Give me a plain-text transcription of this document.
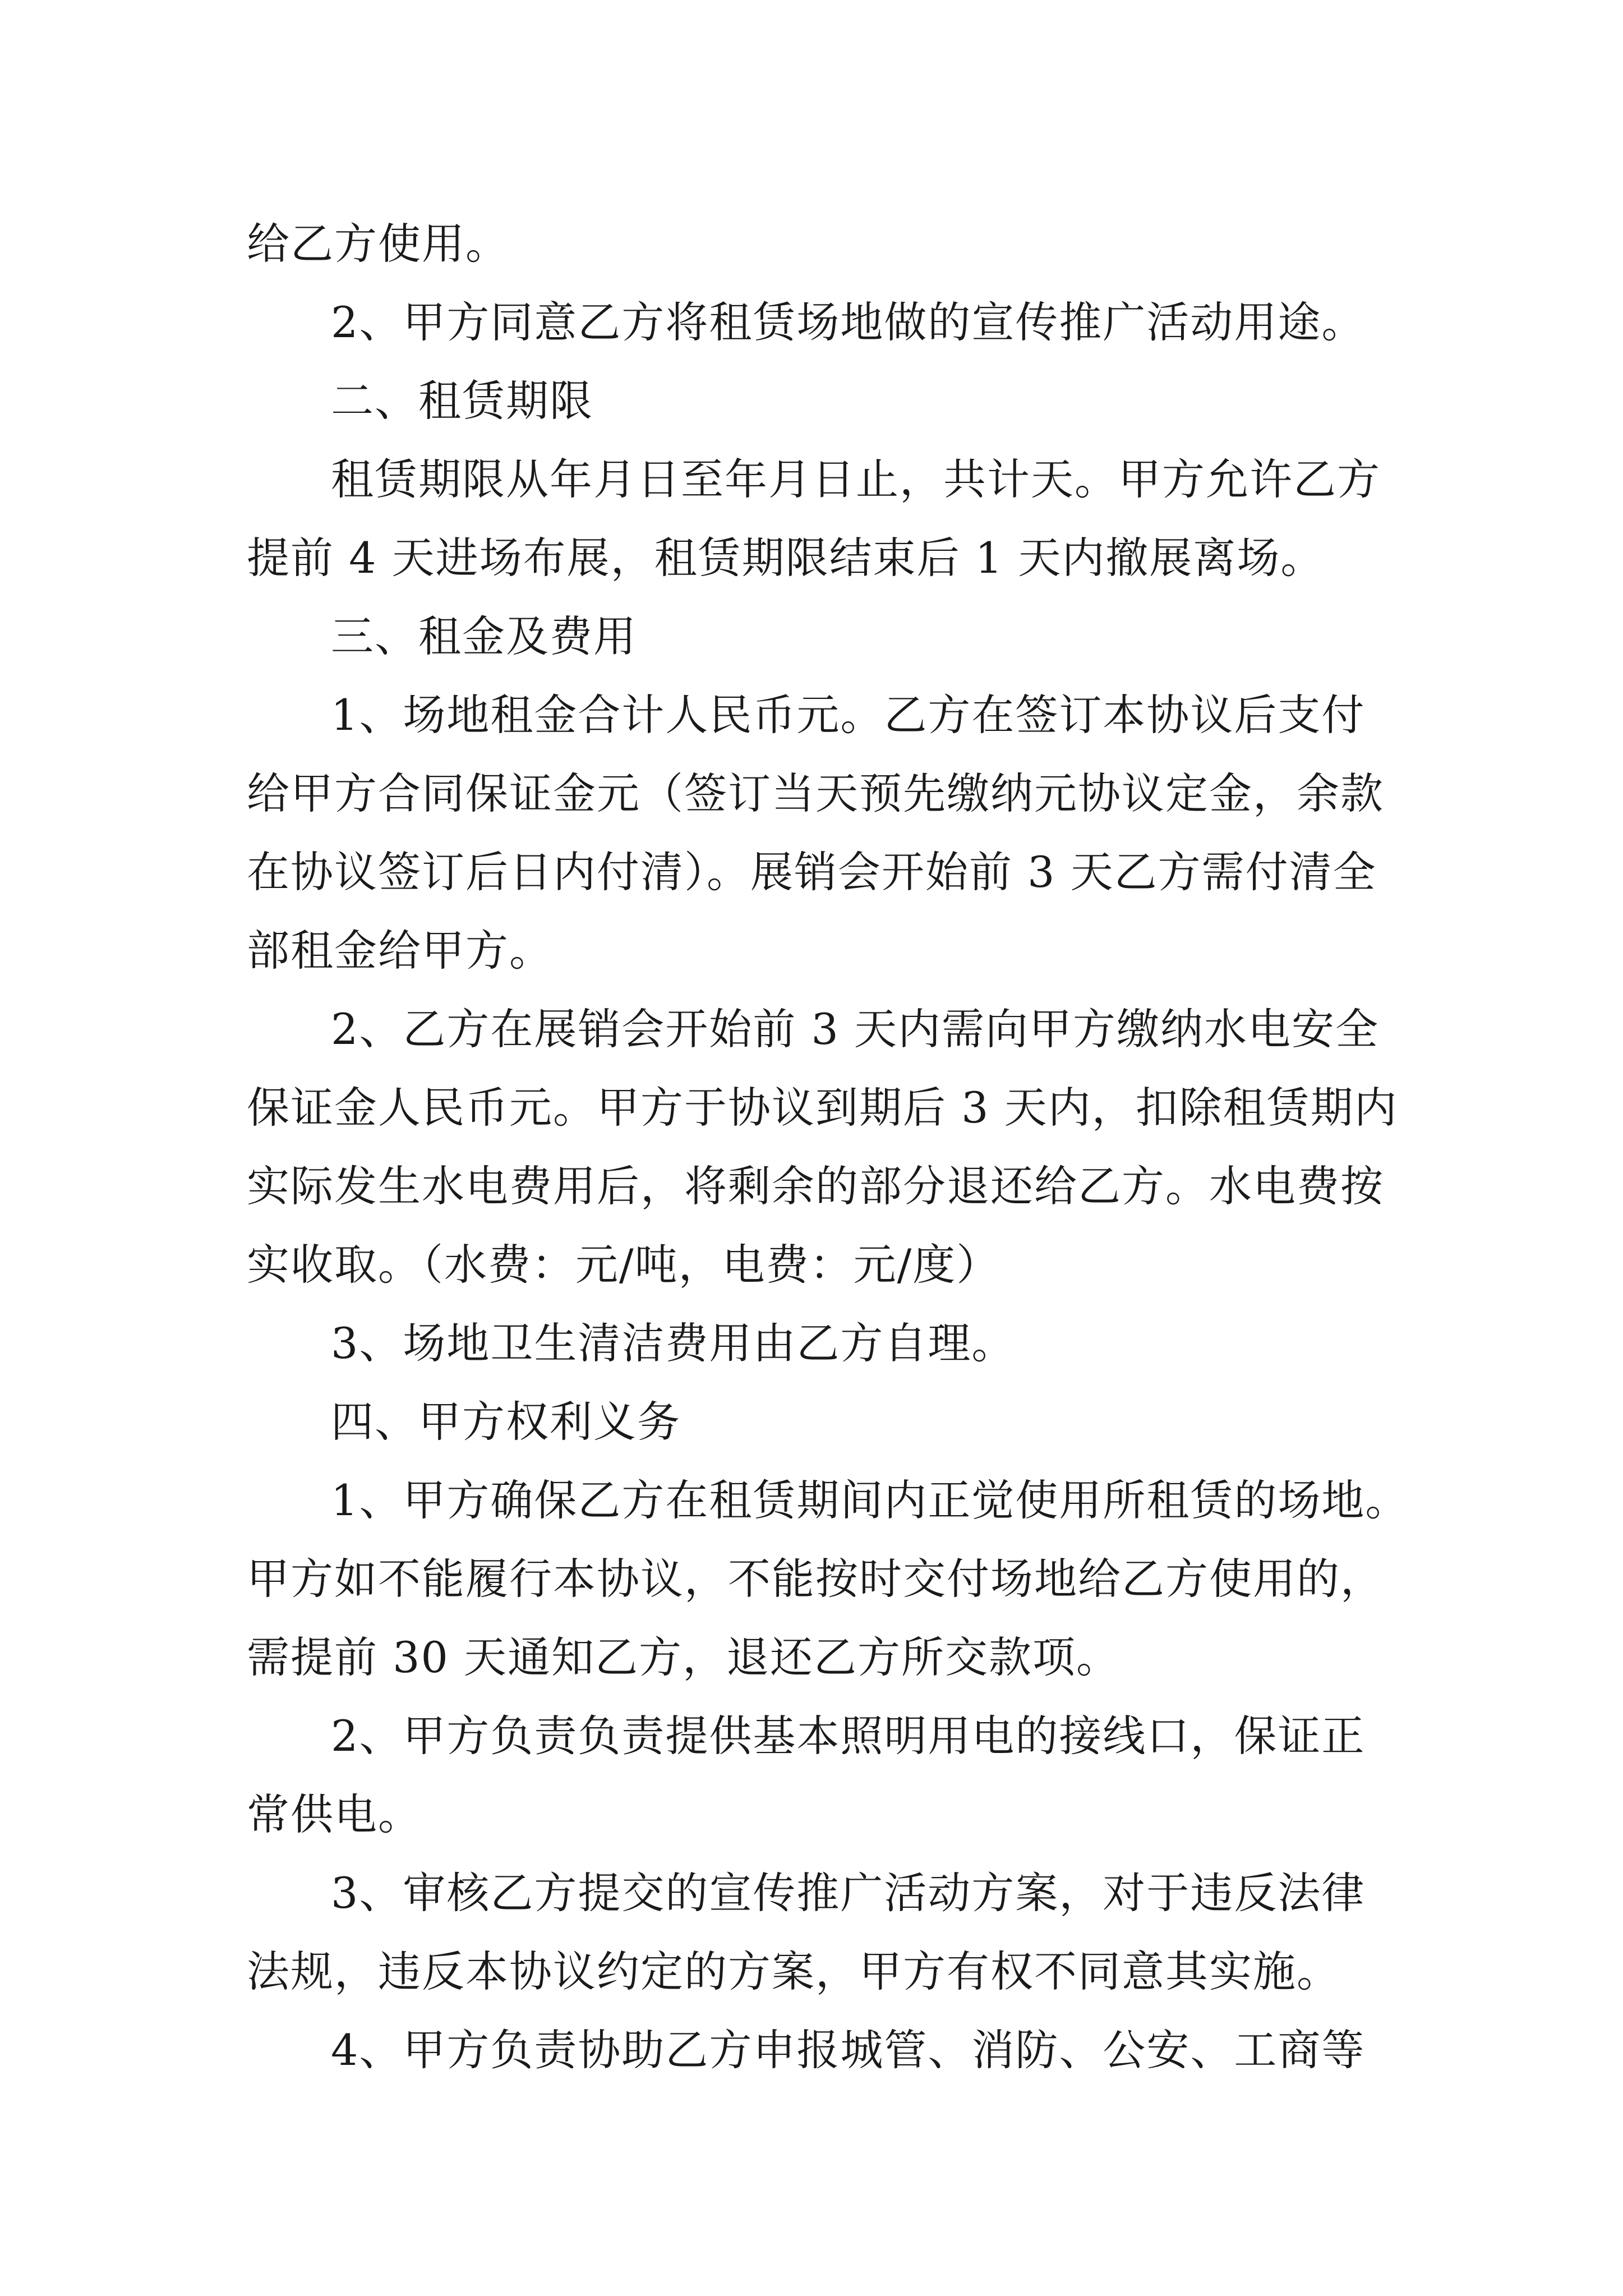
给乙方使用。
2、甲方同意乙方将租赁场地做的宣传推广活动用途。
二、租赁期限
租赁期限从年月日至年月日止，共计天。甲方允许乙方
提前 4 天进场布展，租赁期限结束后 1 天内撤展离场。
三、租金及费用
1、场地租金合计人民币元。乙方在签订本协议后支付
给甲方合同保证金元（签订当天预先缴纳元协议定金，余款
在协议签订后日内付清）。展销会开始前 3 天乙方需付清全
部租金给甲方。
2、乙方在展销会开始前 3 天内需向甲方缴纳水电安全
保证金人民币元。甲方于协议到期后 3 天内，扣除租赁期内
实际发生水电费用后，将剩余的部分退还给乙方。水电费按
实收取。（水费：元/吨，电费：元/度）
3、场地卫生清洁费用由乙方自理。
四、甲方权利义务
1、甲方确保乙方在租赁期间内正觉使用所租赁的场地。
甲方如不能履行本协议，不能按时交付场地给乙方使用的，
需提前 30 天通知乙方，退还乙方所交款项。
2、甲方负责负责提供基本照明用电的接线口，保证正
常供电。
3、审核乙方提交的宣传推广活动方案，对于违反法律
法规，违反本协议约定的方案，甲方有权不同意其实施。
4、甲方负责协助乙方申报城管、消防、公安、工商等
